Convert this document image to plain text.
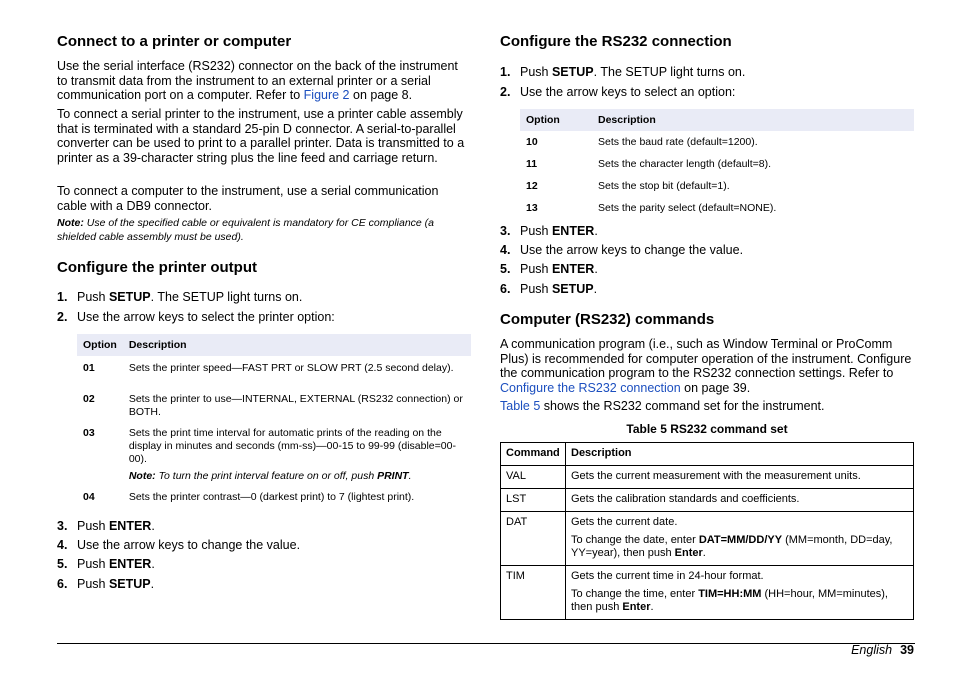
Connect to a printer or computer

Use the serial interface (RS232) connector on the back of the instrument to transmit data from the instrument to an external printer or a serial communication port on a computer. Refer to Figure 2 on page 8.

To connect a serial printer to the instrument, use a printer cable assembly that is terminated with a standard 25-pin D connector. A serial-to-parallel converter can be used to print to a parallel printer. Data is transmitted to a printer as a 39-character string plus the line feed and carriage return.

To connect a computer to the instrument, use a serial communication cable with a DB9 connector.

Note: Use of the specified cable or equivalent is mandatory for CE compliance (a shielded cable assembly must be used).

Configure the printer output
1. Push SETUP. The SETUP light turns on.
2. Use the arrow keys to select the printer option:
Option	Description
01	Sets the printer speed—FAST PRT or SLOW PRT (2.5 second delay).
02	Sets the printer to use—INTERNAL, EXTERNAL (RS232 connection) or BOTH.
03	Sets the print time interval for automatic prints of the reading on the display in minutes and seconds (mm-ss)—00-15 to 99-99 (disable=00-00).
Note: To turn the print interval feature on or off, push PRINT.

04	Sets the printer contrast—0 (darkest print) to 7 (lightest print).
3. Push ENTER.
4. Use the arrow keys to change the value.
5. Push ENTER.
6. Push SETUP.
Configure the RS232 connection
1. Push SETUP. The SETUP light turns on.
2. Use the arrow keys to select an option:
Option	Description
10	Sets the baud rate (default=1200).
11	Sets the character length (default=8).
12	Sets the stop bit (default=1).
13	Sets the parity select (default=NONE).
3. Push ENTER.
4. Use the arrow keys to change the value.
5. Push ENTER.
6. Push SETUP.
Computer (RS232) commands

A communication program (i.e., such as Window Terminal or ProComm Plus) is recommended for computer operation of the instrument. Configure the communication program to the RS232 connection settings. Refer to Configure the RS232 connection on page 39.

Table 5 shows the RS232 command set for the instrument.

Table 5 RS232 command set
Command	Description
VAL	Gets the current measurement with the measurement units.
LST	Gets the calibration standards and coefficients.
DAT	Gets the current date.
To change the date, enter DAT=MM/DD/YY (MM=month, DD=day, YY=year), then push Enter.

TIM	Gets the current time in 24-hour format.
To change the time, enter TIM=HH:MM (HH=hour, MM=minutes), then push Enter.
English 39
